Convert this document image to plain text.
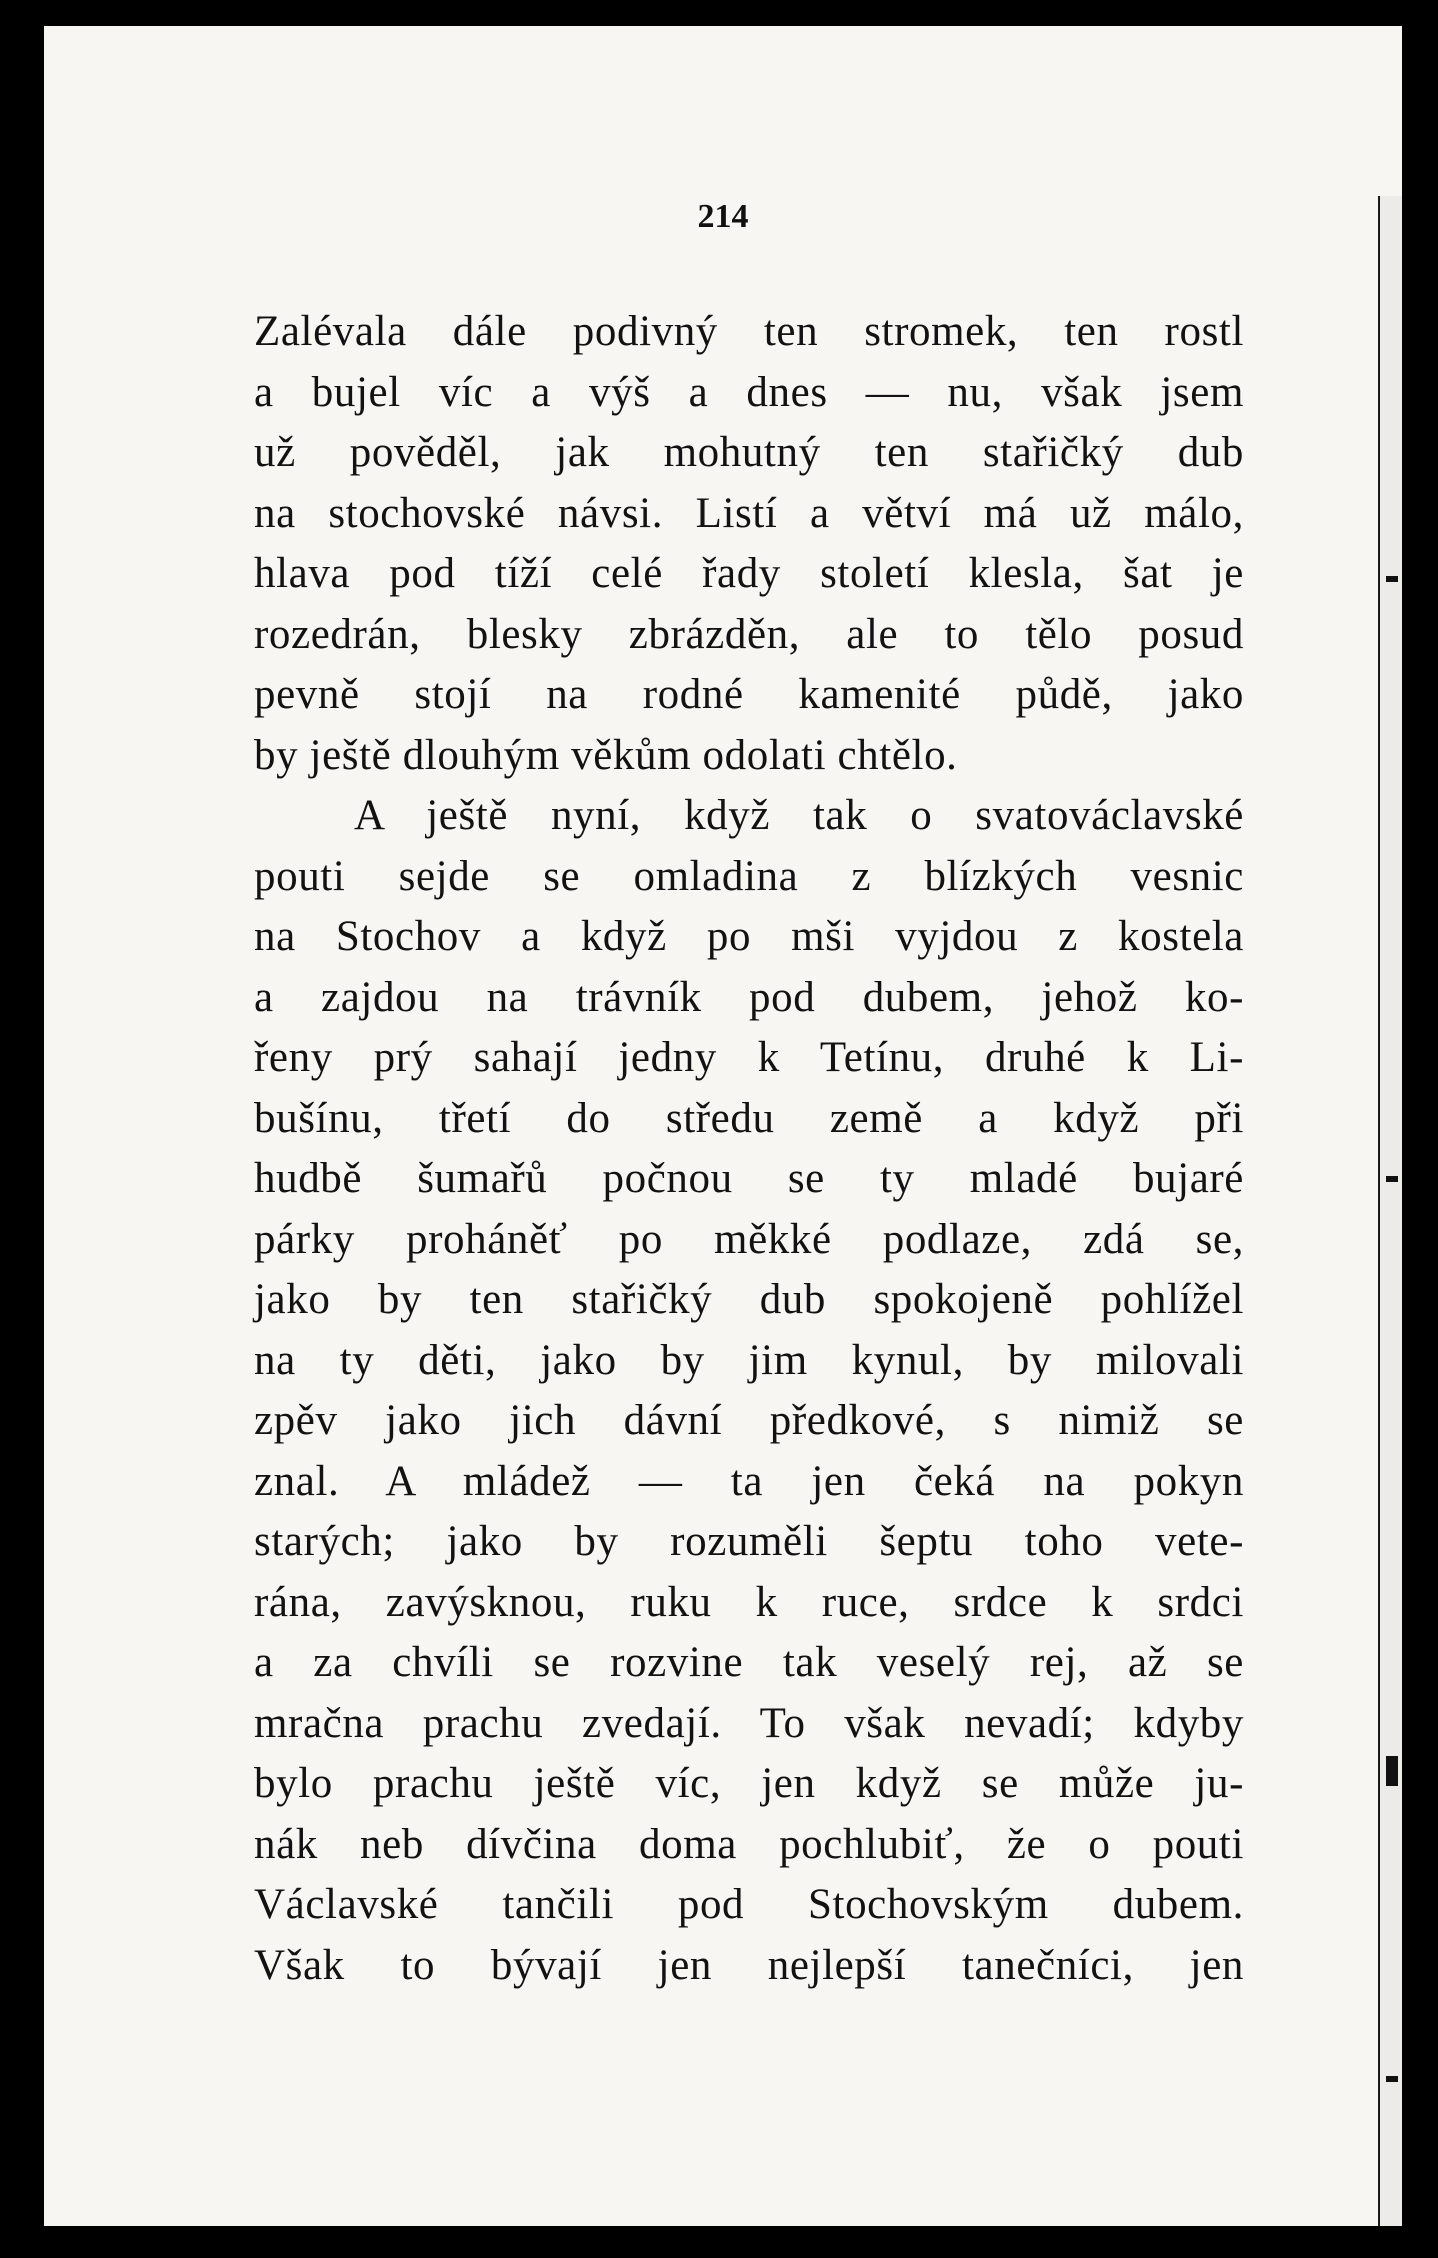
214

Zalévala dále podivný ten stromek, ten rostl
a bujel víc a výš a dnes — nu, však jsem
už pověděl, jak mohutný ten stařičký dub
na stochovské návsi. Listí a větví má už málo,
hlava pod tíží celé řady století klesla, šat je
rozedrán, blesky zbrázděn, ale to tělo posud
pevně stojí na rodné kamenité půdě, jako
by ještě dlouhým věkům odolati chtělo.
A ještě nyní, když tak o svatováclavské
pouti sejde se omladina z blízkých vesnic
na Stochov a když po mši vyjdou z kostela
a zajdou na trávník pod dubem, jehož ko-
řeny prý sahají jedny k Tetínu, druhé k Li-
bušínu, třetí do středu země a když při
hudbě šumařů počnou se ty mladé bujaré
párky proháněť po měkké podlaze, zdá se,
jako by ten stařičký dub spokojeně pohlížel
na ty děti, jako by jim kynul, by milovali
zpěv jako jich dávní předkové, s nimiž se
znal. A mládež — ta jen čeká na pokyn
starých; jako by rozuměli šeptu toho vete-
rána, zavýsknou, ruku k ruce, srdce k srdci
a za chvíli se rozvine tak veselý rej, až se
mračna prachu zvedají. To však nevadí; kdyby
bylo prachu ještě víc, jen když se může ju-
nák neb dívčina doma pochlubiť, že o pouti
Václavské tančili pod Stochovským dubem.
Však to bývají jen nejlepší tanečníci, jen
